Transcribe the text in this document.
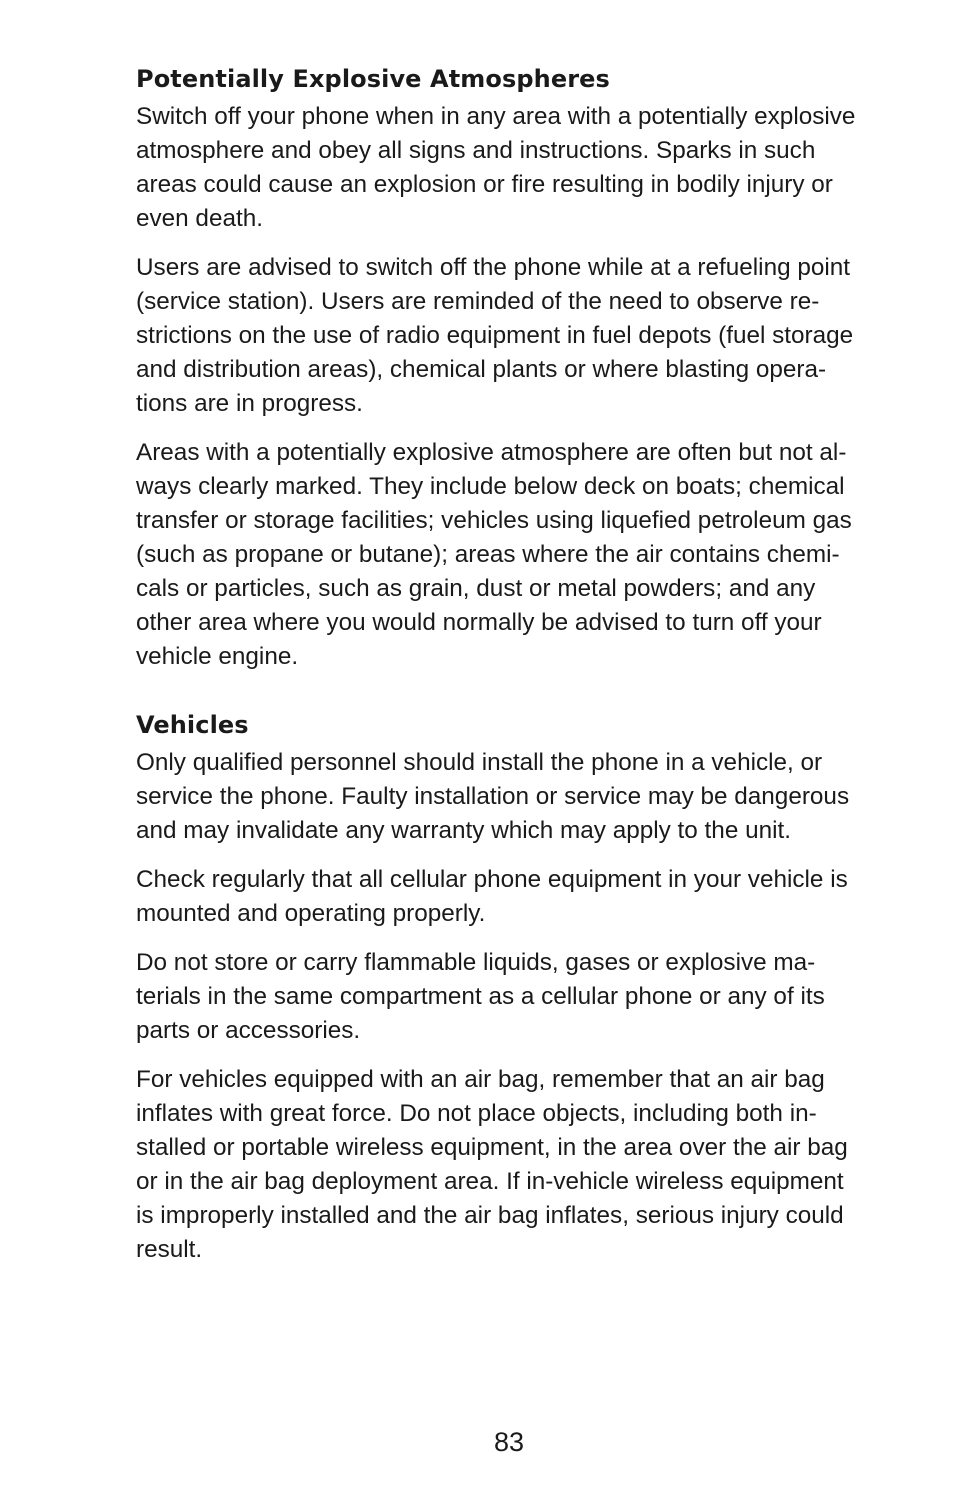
Potentially Explosive Atmospheres

Switch off your phone when in any area with a potentially explosive
atmosphere and obey all signs and instructions. Sparks in such
areas could cause an explosion or fire resulting in bodily injury or
even death.

Users are advised to switch off the phone while at a refueling point
(service station). Users are reminded of the need to observe re-
strictions on the use of radio equipment in fuel depots (fuel storage
and distribution areas), chemical plants or where blasting opera-
tions are in progress.

Areas with a potentially explosive atmosphere are often but not al-
ways clearly marked. They include below deck on boats; chemical
transfer or storage facilities; vehicles using liquefied petroleum gas
(such as propane or butane); areas where the air contains chemi-
cals or particles, such as grain, dust or metal powders; and any
other area where you would normally be advised to turn off your
vehicle engine.

Vehicles

Only qualified personnel should install the phone in a vehicle, or
service the phone. Faulty installation or service may be dangerous
and may invalidate any warranty which may apply to the unit.

Check regularly that all cellular phone equipment in your vehicle is
mounted and operating properly.

Do not store or carry flammable liquids, gases or explosive ma-
terials in the same compartment as a cellular phone or any of its
parts or accessories.

For vehicles equipped with an air bag, remember that an air bag
inflates with great force. Do not place objects, including both in-
stalled or portable wireless equipment, in the area over the air bag
or in the air bag deployment area. If in-vehicle wireless equipment
is improperly installed and the air bag inflates, serious injury could
result.

83
